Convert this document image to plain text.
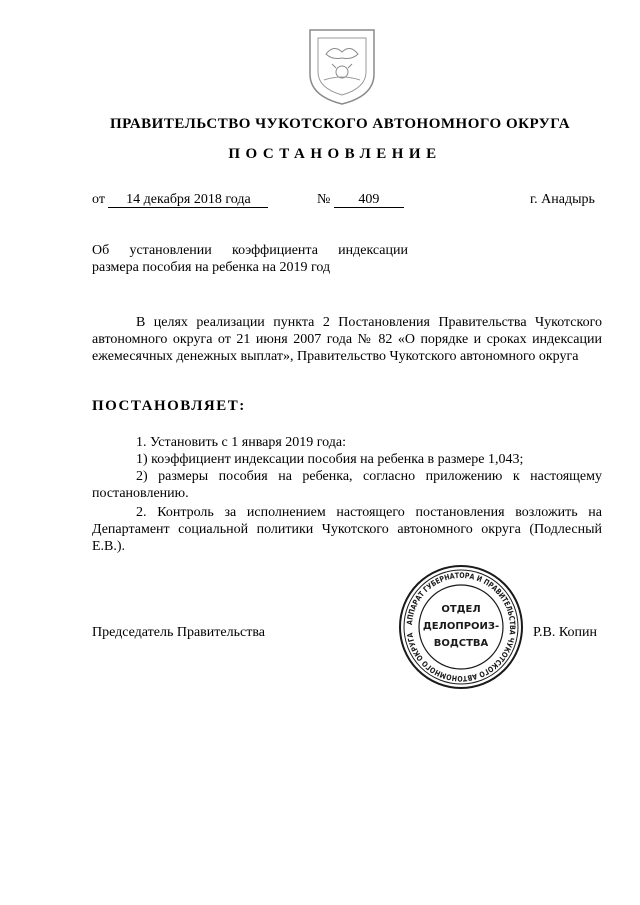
ПРАВИТЕЛЬСТВО ЧУКОТСКОГО АВТОНОМНОГО ОКРУГА

ПОСТАНОВЛЕНИЕ

от 14 декабря 2018 года	№ 409	г. Анадырь

Об установлении коэффициента индексации

размера пособия на ребенка на 2019 год

В целях реализации пункта 2 Постановления Правительства Чукотского автономного округа от 21 июня 2007 года № 82 «О порядке и сроках индексации ежемесячных денежных выплат», Правительство Чукотского автономного округа

ПОСТАНОВЛЯЕТ:

1. Установить с 1 января 2019 года:

1) коэффициент индексации пособия на ребенка в размере 1,043;

2) размеры пособия на ребенка, согласно приложению к настоящему постановлению.

2. Контроль за исполнением настоящего постановления возложить на Департамент социальной политики Чукотского автономного округа (Подлесный Е.В.).

Председатель Правительства	Р.В. Копин

АППАРАТ ГУБЕРНАТОРА И ПРАВИТЕЛЬСТВА ЧУКОТСКОГО АВТОНОМНОГО ОКРУГА
ОТДЕЛ
ДЕЛОПРОИЗ-
ВОДСТВА
